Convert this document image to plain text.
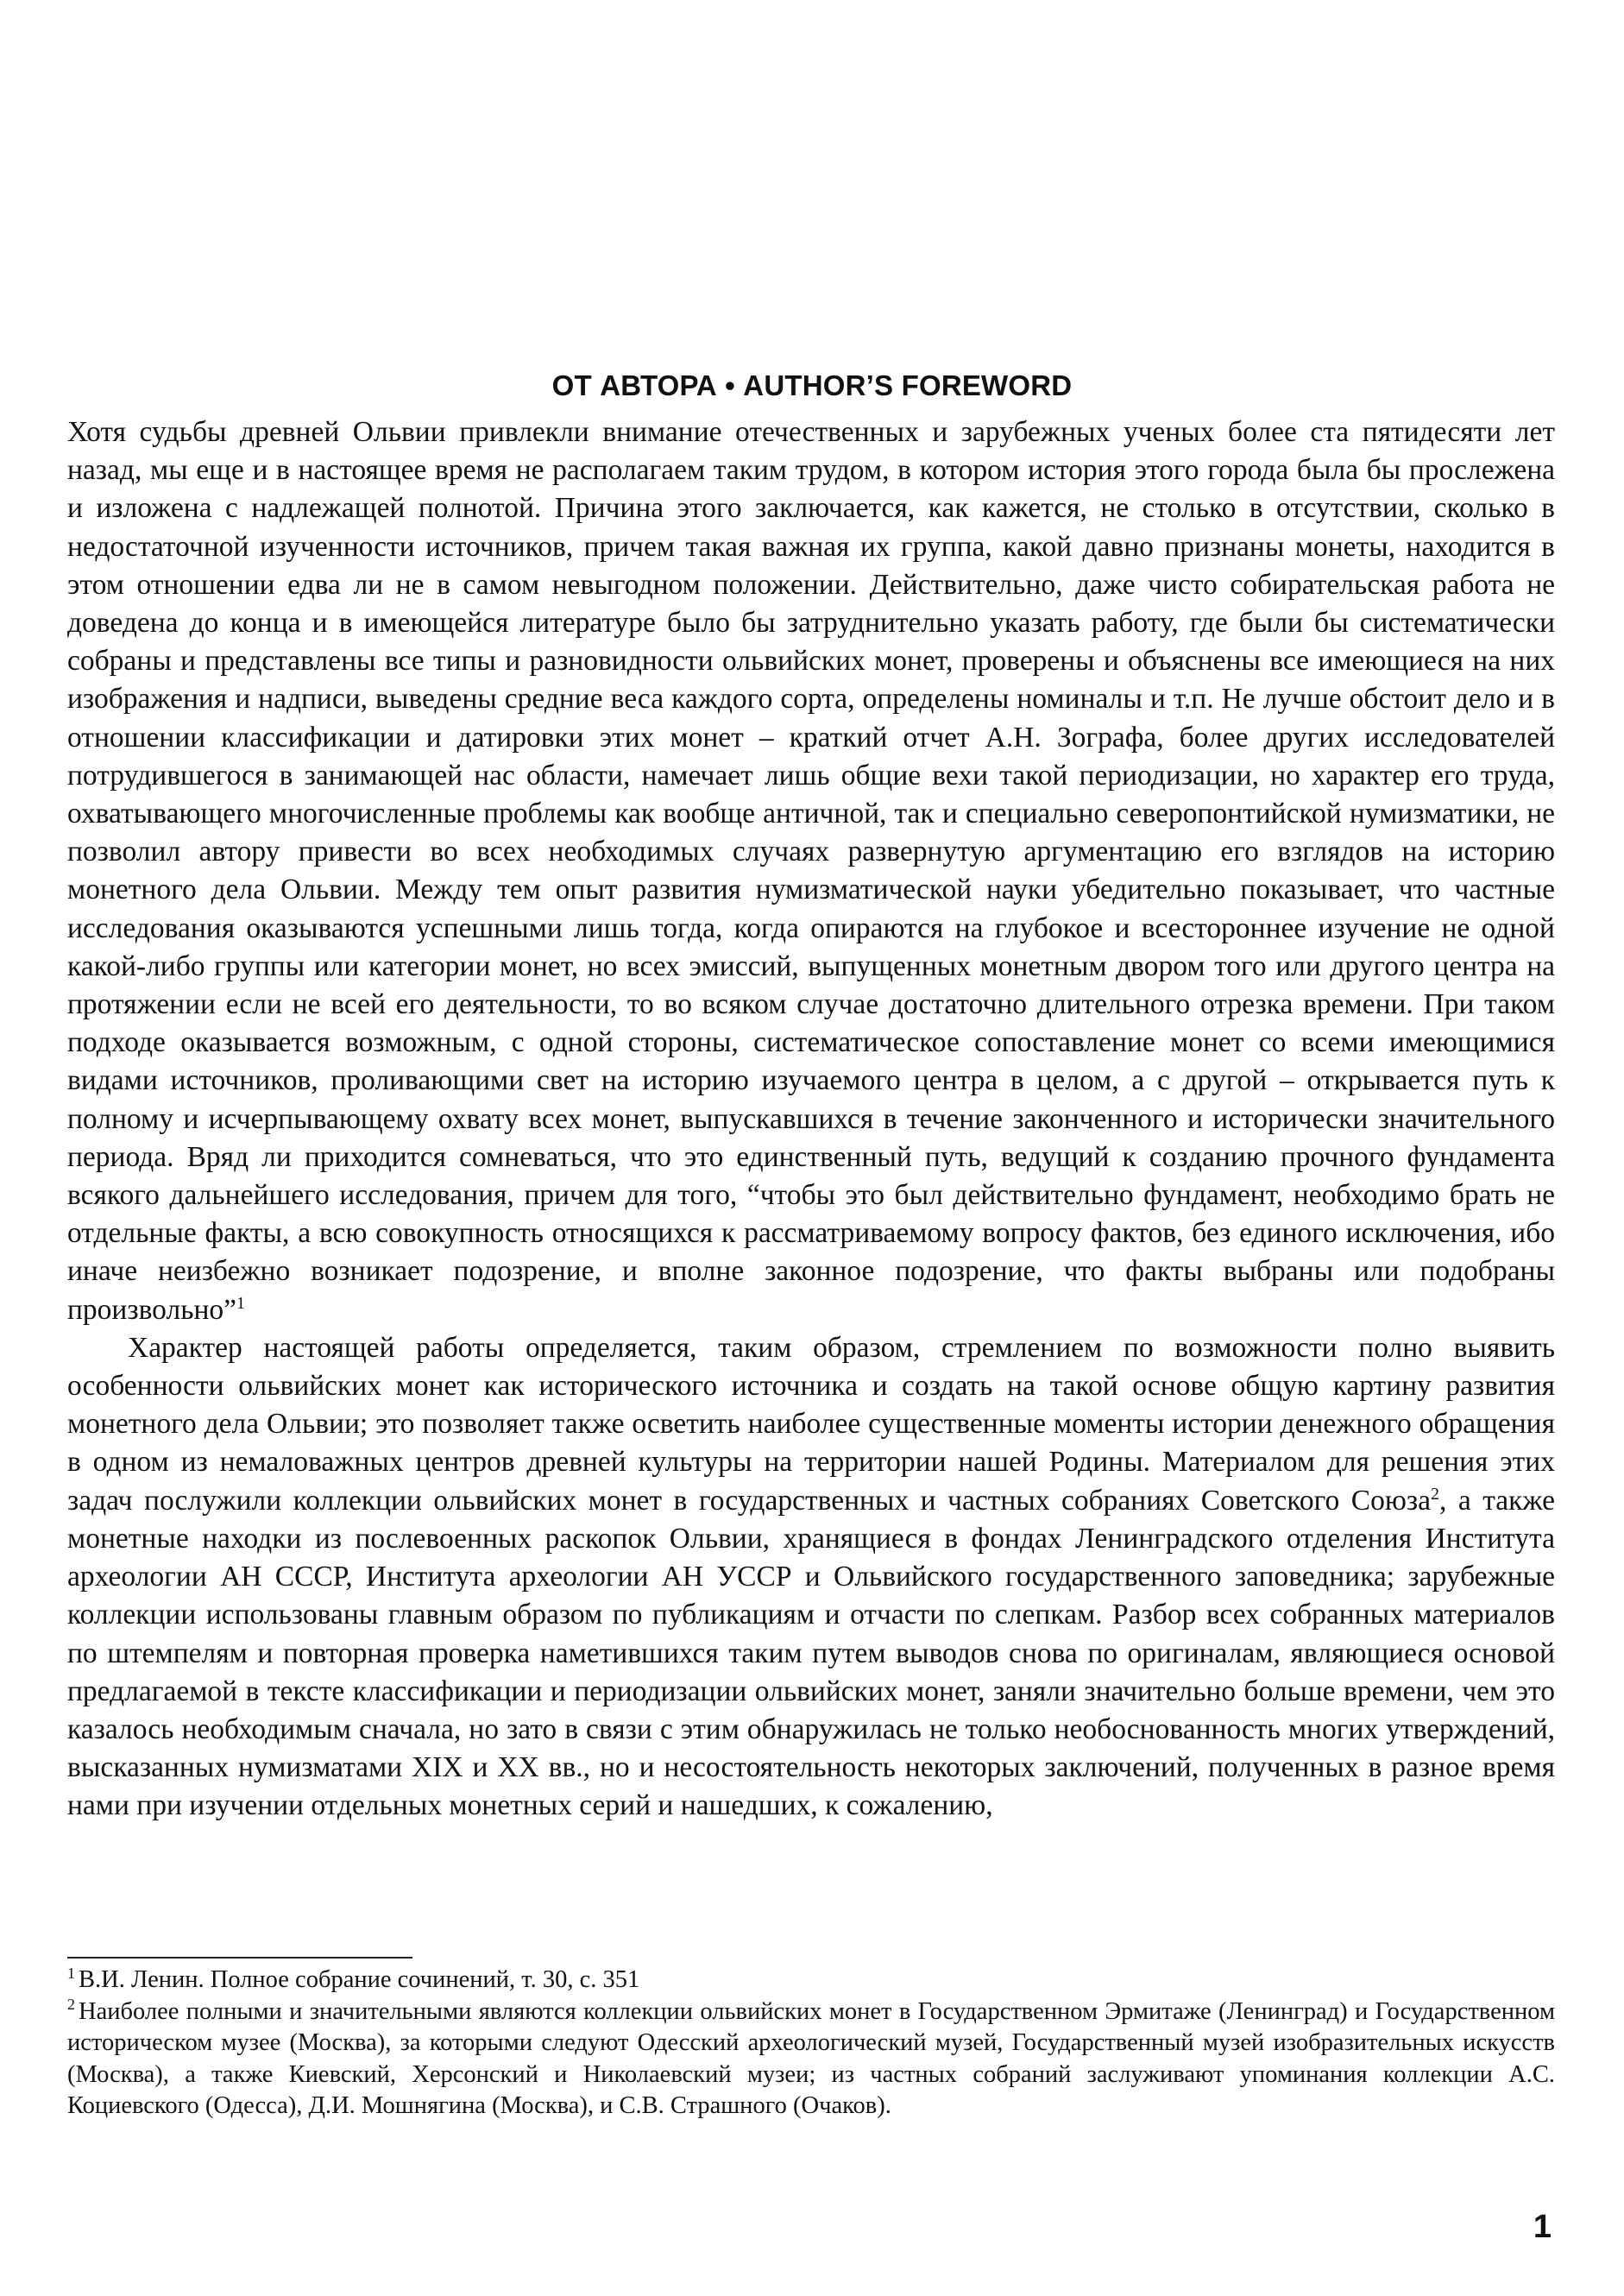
ОТ АВТОРА • AUTHOR’S FOREWORD

Хотя судьбы древней Ольвии привлекли внимание отечественных и зарубежных ученых более ста пятидесяти лет назад, мы еще и в настоящее время не располагаем таким трудом, в котором история этого города была бы прослежена и изложена с надлежащей полнотой. Причина этого заключается, как кажется, не столько в отсутствии, сколько в недостаточной изученности источников, причем такая важная их группа, какой давно признаны монеты, находится в этом отношении едва ли не в самом невыгодном положении. Действительно, даже чисто собирательская работа не доведена до конца и в имеющейся литературе было бы затруднительно указать работу, где были бы систематически собраны и представлены все типы и разновидности ольвийских монет, проверены и объяснены все имеющиеся на них изображения и надписи, выведены средние веса каждого сорта, определены номиналы и т.п. Не лучше обстоит дело и в отношении классификации и датировки этих монет – краткий отчет А.Н. Зографа, более других исследователей потрудившегося в занимающей нас области, намечает лишь общие вехи такой периодизации, но характер его труда, охватывающего многочисленные проблемы как вообще античной, так и специально северопонтийской нумизматики, не позволил автору привести во всех необходимых случаях развернутую аргументацию его взглядов на историю монетного дела Ольвии. Между тем опыт развития нумизматической науки убедительно показывает, что частные исследования оказываются успешными лишь тогда, когда опираются на глубокое и всестороннее изучение не одной какой-либо группы или категории монет, но всех эмиссий, выпущенных монетным двором того или другого центра на протяжении если не всей его деятельности, то во всяком случае достаточно длительного отрезка времени. При таком подходе оказывается возможным, с одной стороны, систематическое сопоставление монет со всеми имеющимися видами источников, проливающими свет на историю изучаемого центра в целом, а с другой – открывается путь к полному и исчерпывающему охвату всех монет, выпускавшихся в течение законченного и исторически значительного периода. Вряд ли приходится сомневаться, что это единственный путь, ведущий к созданию прочного фундамента всякого дальнейшего исследования, причем для того, “чтобы это был действительно фундамент, необходимо брать не отдельные факты, а всю совокупность относящихся к рассматриваемому вопросу фактов, без единого исключения, ибо иначе неизбежно возникает подозрение, и вполне законное подозрение, что факты выбраны или подобраны произвольно”$^1$

Характер настоящей работы определяется, таким образом, стремлением по возможности полно выявить особенности ольвийских монет как исторического источника и создать на такой основе общую картину развития монетного дела Ольвии; это позволяет также осветить наиболее существенные моменты истории денежного обращения в одном из немаловажных центров древней культуры на территории нашей Родины. Материалом для решения этих задач послужили коллекции ольвийских монет в государственных и частных собраниях Советского Союза$^2$, а также монетные находки из послевоенных раскопок Ольвии, хранящиеся в фондах Ленинградского отделения Института археологии АН СССР, Института археологии АН УССР и Ольвийского государственного заповедника; зарубежные коллекции использованы главным образом по публикациям и отчасти по слепкам. Разбор всех собранных материалов по штемпелям и повторная проверка наметившихся таким путем выводов снова по оригиналам, являющиеся основой предлагаемой в тексте классификации и периодизации ольвийских монет, заняли значительно больше времени, чем это казалось необходимым сначала, но зато в связи с этим обнаружилась не только необоснованность многих утверждений, высказанных нумизматами XIX и XX вв., но и несостоятельность некоторых заключений, полученных в разное время нами при изучении отдельных монетных серий и нашедших, к сожалению,

$^1$ В.И. Ленин. Полное собрание сочинений, т. 30, с. 351

$^2$ Наиболее полными и значительными являются коллекции ольвийских монет в Государственном Эрмитаже (Ленинград) и Государственном историческом музее (Москва), за которыми следуют Одесский археологический музей, Государственный музей изобразительных искусств (Москва), а также Киевский, Херсонский и Николаевский музеи; из частных собраний заслуживают упоминания коллекции А.С. Коциевского (Одесса), Д.И. Мошнягина (Москва), и С.В. Страшного (Очаков).

1
